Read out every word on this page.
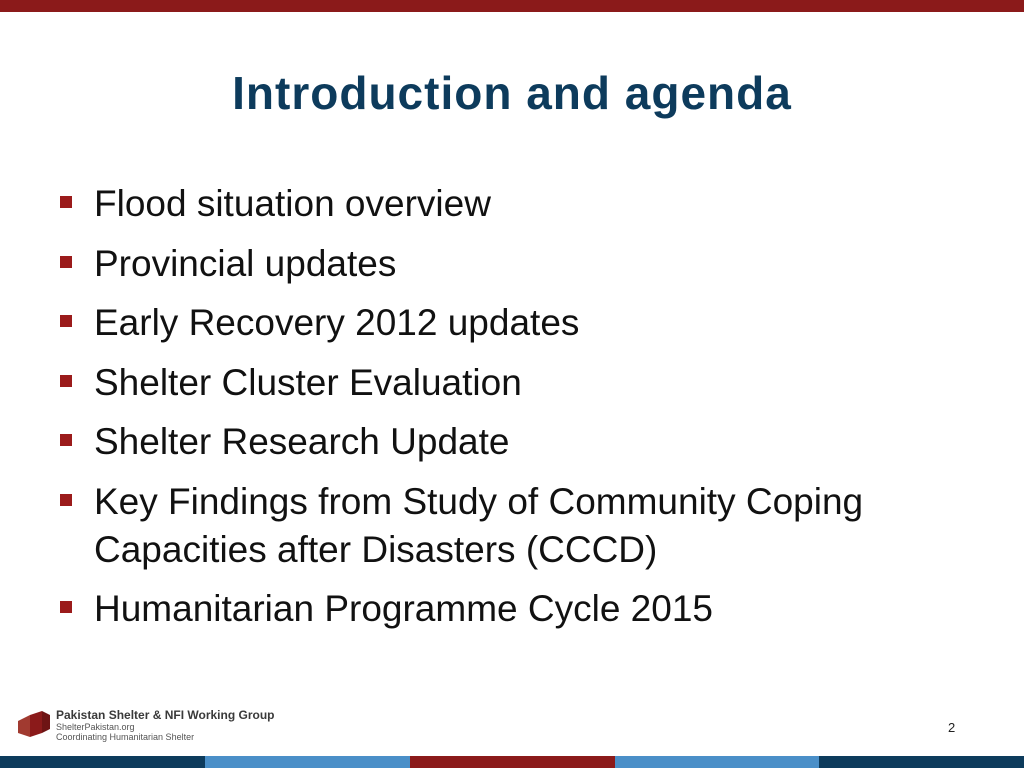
Introduction and agenda
Flood situation overview
Provincial updates
Early Recovery 2012 updates
Shelter Cluster Evaluation
Shelter Research Update
Key Findings from Study of Community Coping Capacities after Disasters (CCCD)
Humanitarian Programme Cycle 2015
Pakistan Shelter & NFI Working Group
ShelterPakistan.org
Coordinating Humanitarian Shelter
2
